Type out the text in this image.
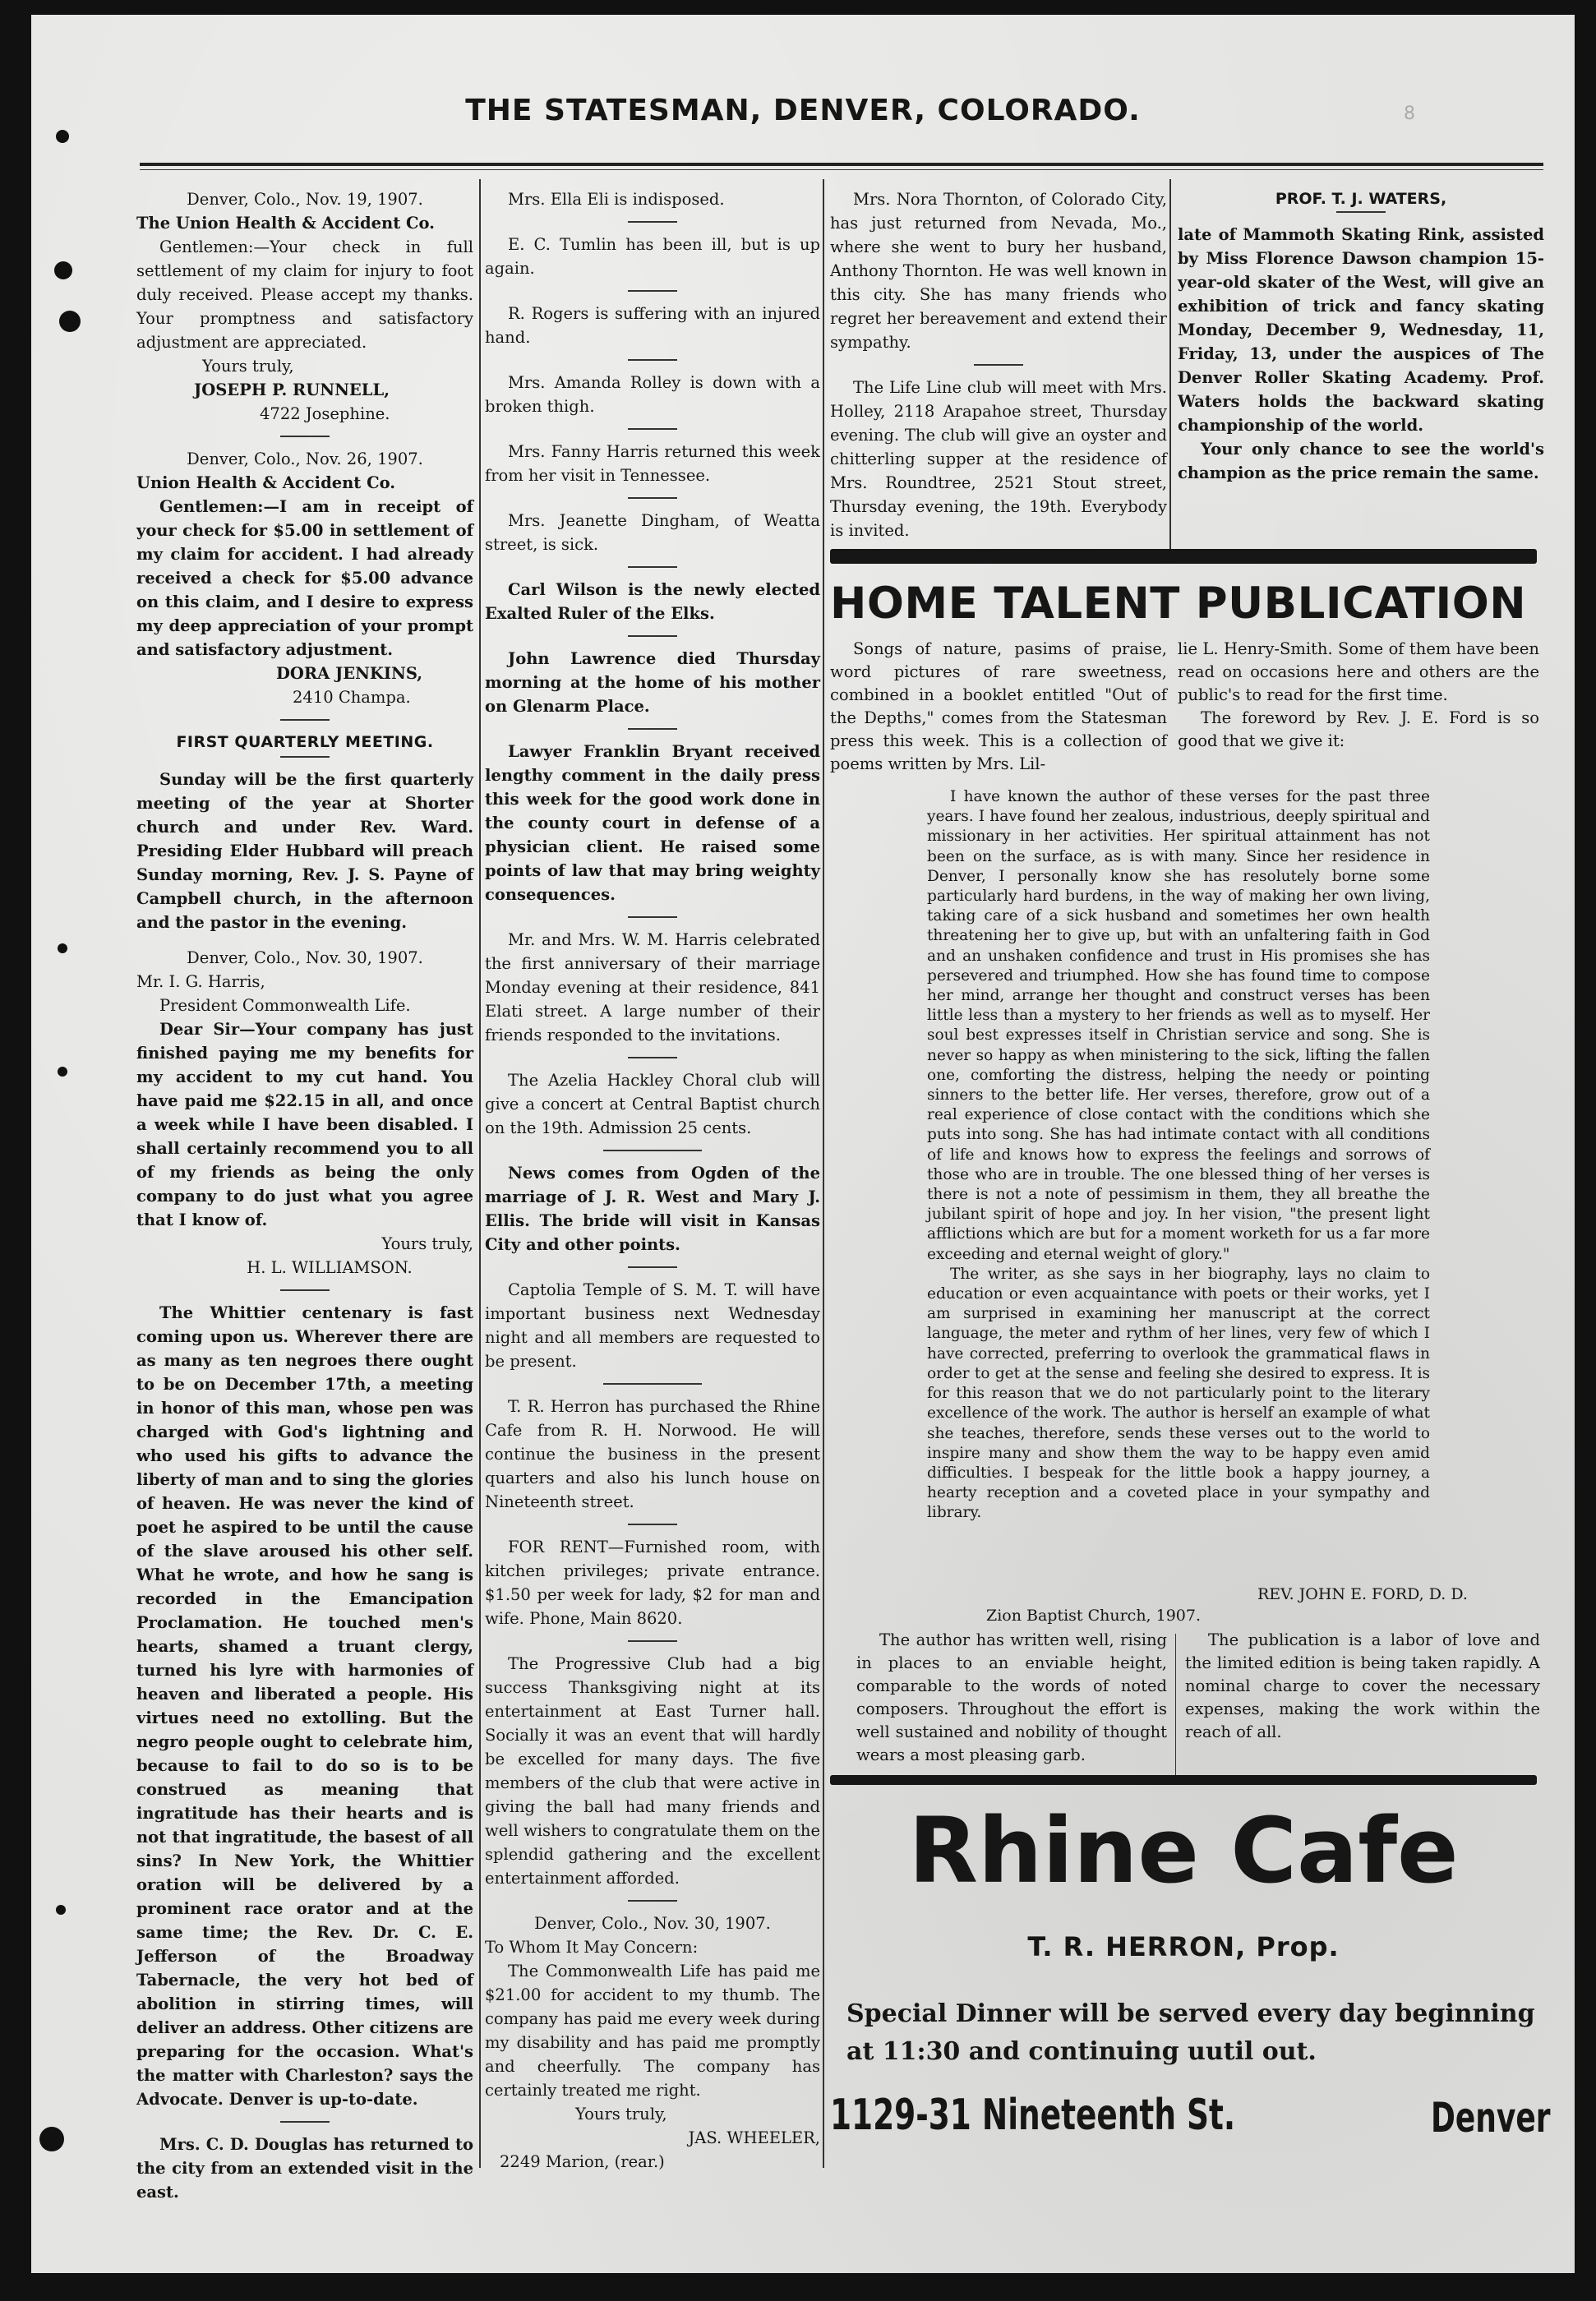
THE STATESMAN, DENVER, COLORADO.	8

Denver, Colo., Nov. 19, 1907.

The Union Health & Accident Co.

Gentlemen:—Your check in full settlement of my claim for injury to foot duly received. Please accept my thanks. Your promptness and satisfactory adjustment are appreciated.

Yours truly,

JOSEPH P. RUNNELL,

4722 Josephine.

Denver, Colo., Nov. 26, 1907.

Union Health & Accident Co.

Gentlemen:—I am in receipt of your check for $5.00 in settlement of my claim for accident. I had already received a check for $5.00 advance on this claim, and I desire to express my deep appreciation of your prompt and satisfactory adjustment.

DORA JENKINS,

2410 Champa.

FIRST QUARTERLY MEETING.

Sunday will be the first quarterly meeting of the year at Shorter church and under Rev. Ward. Presiding Elder Hubbard will preach Sunday morning, Rev. J. S. Payne of Campbell church, in the afternoon and the pastor in the evening.

Denver, Colo., Nov. 30, 1907.

Mr. I. G. Harris,

President Commonwealth Life.

Dear Sir—Your company has just finished paying me my benefits for my accident to my cut hand. You have paid me $22.15 in all, and once a week while I have been disabled. I shall certainly recommend you to all of my friends as being the only company to do just what you agree that I know of.

Yours truly,

H. L. WILLIAMSON.

The Whittier centenary is fast coming upon us. Wherever there are as many as ten negroes there ought to be on December 17th, a meeting in honor of this man, whose pen was charged with God's lightning and who used his gifts to advance the liberty of man and to sing the glories of heaven. He was never the kind of poet he aspired to be until the cause of the slave aroused his other self. What he wrote, and how he sang is recorded in the Emancipation Proclamation. He touched men's hearts, shamed a truant clergy, turned his lyre with harmonies of heaven and liberated a people. His virtues need no extolling. But the negro people ought to celebrate him, because to fail to do so is to be construed as meaning that ingratitude has their hearts and is not that ingratitude, the basest of all sins? In New York, the Whittier oration will be delivered by a prominent race orator and at the same time; the Rev. Dr. C. E. Jefferson of the Broadway Tabernacle, the very hot bed of abolition in stirring times, will deliver an address. Other citizens are preparing for the occasion. What's the matter with Charleston? says the Advocate. Denver is up-to-date.

Mrs. C. D. Douglas has returned to the city from an extended visit in the east.

Mrs. Ella Eli is indisposed.

E. C. Tumlin has been ill, but is up again.

R. Rogers is suffering with an injured hand.

Mrs. Amanda Rolley is down with a broken thigh.

Mrs. Fanny Harris returned this week from her visit in Tennessee.

Mrs. Jeanette Dingham, of Weatta street, is sick.

Carl Wilson is the newly elected Exalted Ruler of the Elks.

John Lawrence died Thursday morning at the home of his mother on Glenarm Place.

Lawyer Franklin Bryant received lengthy comment in the daily press this week for the good work done in the county court in defense of a physician client. He raised some points of law that may bring weighty consequences.

Mr. and Mrs. W. M. Harris celebrated the first anniversary of their marriage Monday evening at their residence, 841 Elati street. A large number of their friends responded to the invitations.

The Azelia Hackley Choral club will give a concert at Central Baptist church on the 19th. Admission 25 cents.

News comes from Ogden of the marriage of J. R. West and Mary J. Ellis. The bride will visit in Kansas City and other points.

Captolia Temple of S. M. T. will have important business next Wednesday night and all members are requested to be present.

T. R. Herron has purchased the Rhine Cafe from R. H. Norwood. He will continue the business in the present quarters and also his lunch house on Nineteenth street.

FOR RENT—Furnished room, with kitchen privileges; private entrance. $1.50 per week for lady, $2 for man and wife. Phone, Main 8620.

The Progressive Club had a big success Thanksgiving night at its entertainment at East Turner hall. Socially it was an event that will hardly be excelled for many days. The five members of the club that were active in giving the ball had many friends and well wishers to congratulate them on the splendid gathering and the excellent entertainment afforded.

Denver, Colo., Nov. 30, 1907.

To Whom It May Concern:

The Commonwealth Life has paid me $21.00 for accident to my thumb. The company has paid me every week during my disability and has paid me promptly and cheerfully. The company has certainly treated me right.

Yours truly,

JAS. WHEELER,

2249 Marion, (rear.)

Mrs. Nora Thornton, of Colorado City, has just returned from Nevada, Mo., where she went to bury her husband, Anthony Thornton. He was well known in this city. She has many friends who regret her bereavement and extend their sympathy.

The Life Line club will meet with Mrs. Holley, 2118 Arapahoe street, Thursday evening. The club will give an oyster and chitterling supper at the residence of Mrs. Roundtree, 2521 Stout street, Thursday evening, the 19th. Everybody is invited.

PROF. T. J. WATERS,

late of Mammoth Skating Rink, assisted by Miss Florence Dawson champion 15-year-old skater of the West, will give an exhibition of trick and fancy skating Monday, December 9, Wednesday, 11, Friday, 13, under the auspices of The Denver Roller Skating Academy. Prof. Waters holds the backward skating championship of the world.

Your only chance to see the world's champion as the price remain the same.

HOME TALENT PUBLICATION

Songs of nature, pasims of praise, word pictures of rare sweetness, combined in a booklet entitled "Out of the Depths," comes from the Statesman press this week. This is a collection of poems written by Mrs. Lil-

lie L. Henry-Smith. Some of them have been read on occasions here and others are the public's to read for the first time.

The foreword by Rev. J. E. Ford is so good that we give it:

I have known the author of these verses for the past three years. I have found her zealous, industrious, deeply spiritual and missionary in her activities. Her spiritual attainment has not been on the surface, as is with many. Since her residence in Denver, I personally know she has resolutely borne some particularly hard burdens, in the way of making her own living, taking care of a sick husband and sometimes her own health threatening her to give up, but with an unfaltering faith in God and an unshaken confidence and trust in His promises she has persevered and triumphed. How she has found time to compose her mind, arrange her thought and construct verses has been little less than a mystery to her friends as well as to myself. Her soul best expresses itself in Christian service and song. She is never so happy as when ministering to the sick, lifting the fallen one, comforting the distress, helping the needy or pointing sinners to the better life. Her verses, therefore, grow out of a real experience of close contact with the conditions which she puts into song. She has had intimate contact with all conditions of life and knows how to express the feelings and sorrows of those who are in trouble. The one blessed thing of her verses is there is not a note of pessimism in them, they all breathe the jubilant spirit of hope and joy. In her vision, "the present light afflictions which are but for a moment worketh for us a far more exceeding and eternal weight of glory."

The writer, as she says in her biography, lays no claim to education or even acquaintance with poets or their works, yet I am surprised in examining her manuscript at the correct language, the meter and rythm of her lines, very few of which I have corrected, preferring to overlook the grammatical flaws in order to get at the sense and feeling she desired to express. It is for this reason that we do not particularly point to the literary excellence of the work. The author is herself an example of what she teaches, therefore, sends these verses out to the world to inspire many and show them the way to be happy even amid difficulties. I bespeak for the little book a happy journey, a hearty reception and a coveted place in your sympathy and library.

REV. JOHN E. FORD, D. D.
Zion Baptist Church, 1907.

The author has written well, rising in places to an enviable height, comparable to the words of noted composers. Throughout the effort is well sustained and nobility of thought wears a most pleasing garb.

The publication is a labor of love and the limited edition is being taken rapidly. A nominal charge to cover the necessary expenses, making the work within the reach of all.

Rhine Cafe
T. R. HERRON, Prop.
Special Dinner will be served every day beginning at 11:30 and continuing uutil out.
1129-31 Nineteenth St.	Denver
